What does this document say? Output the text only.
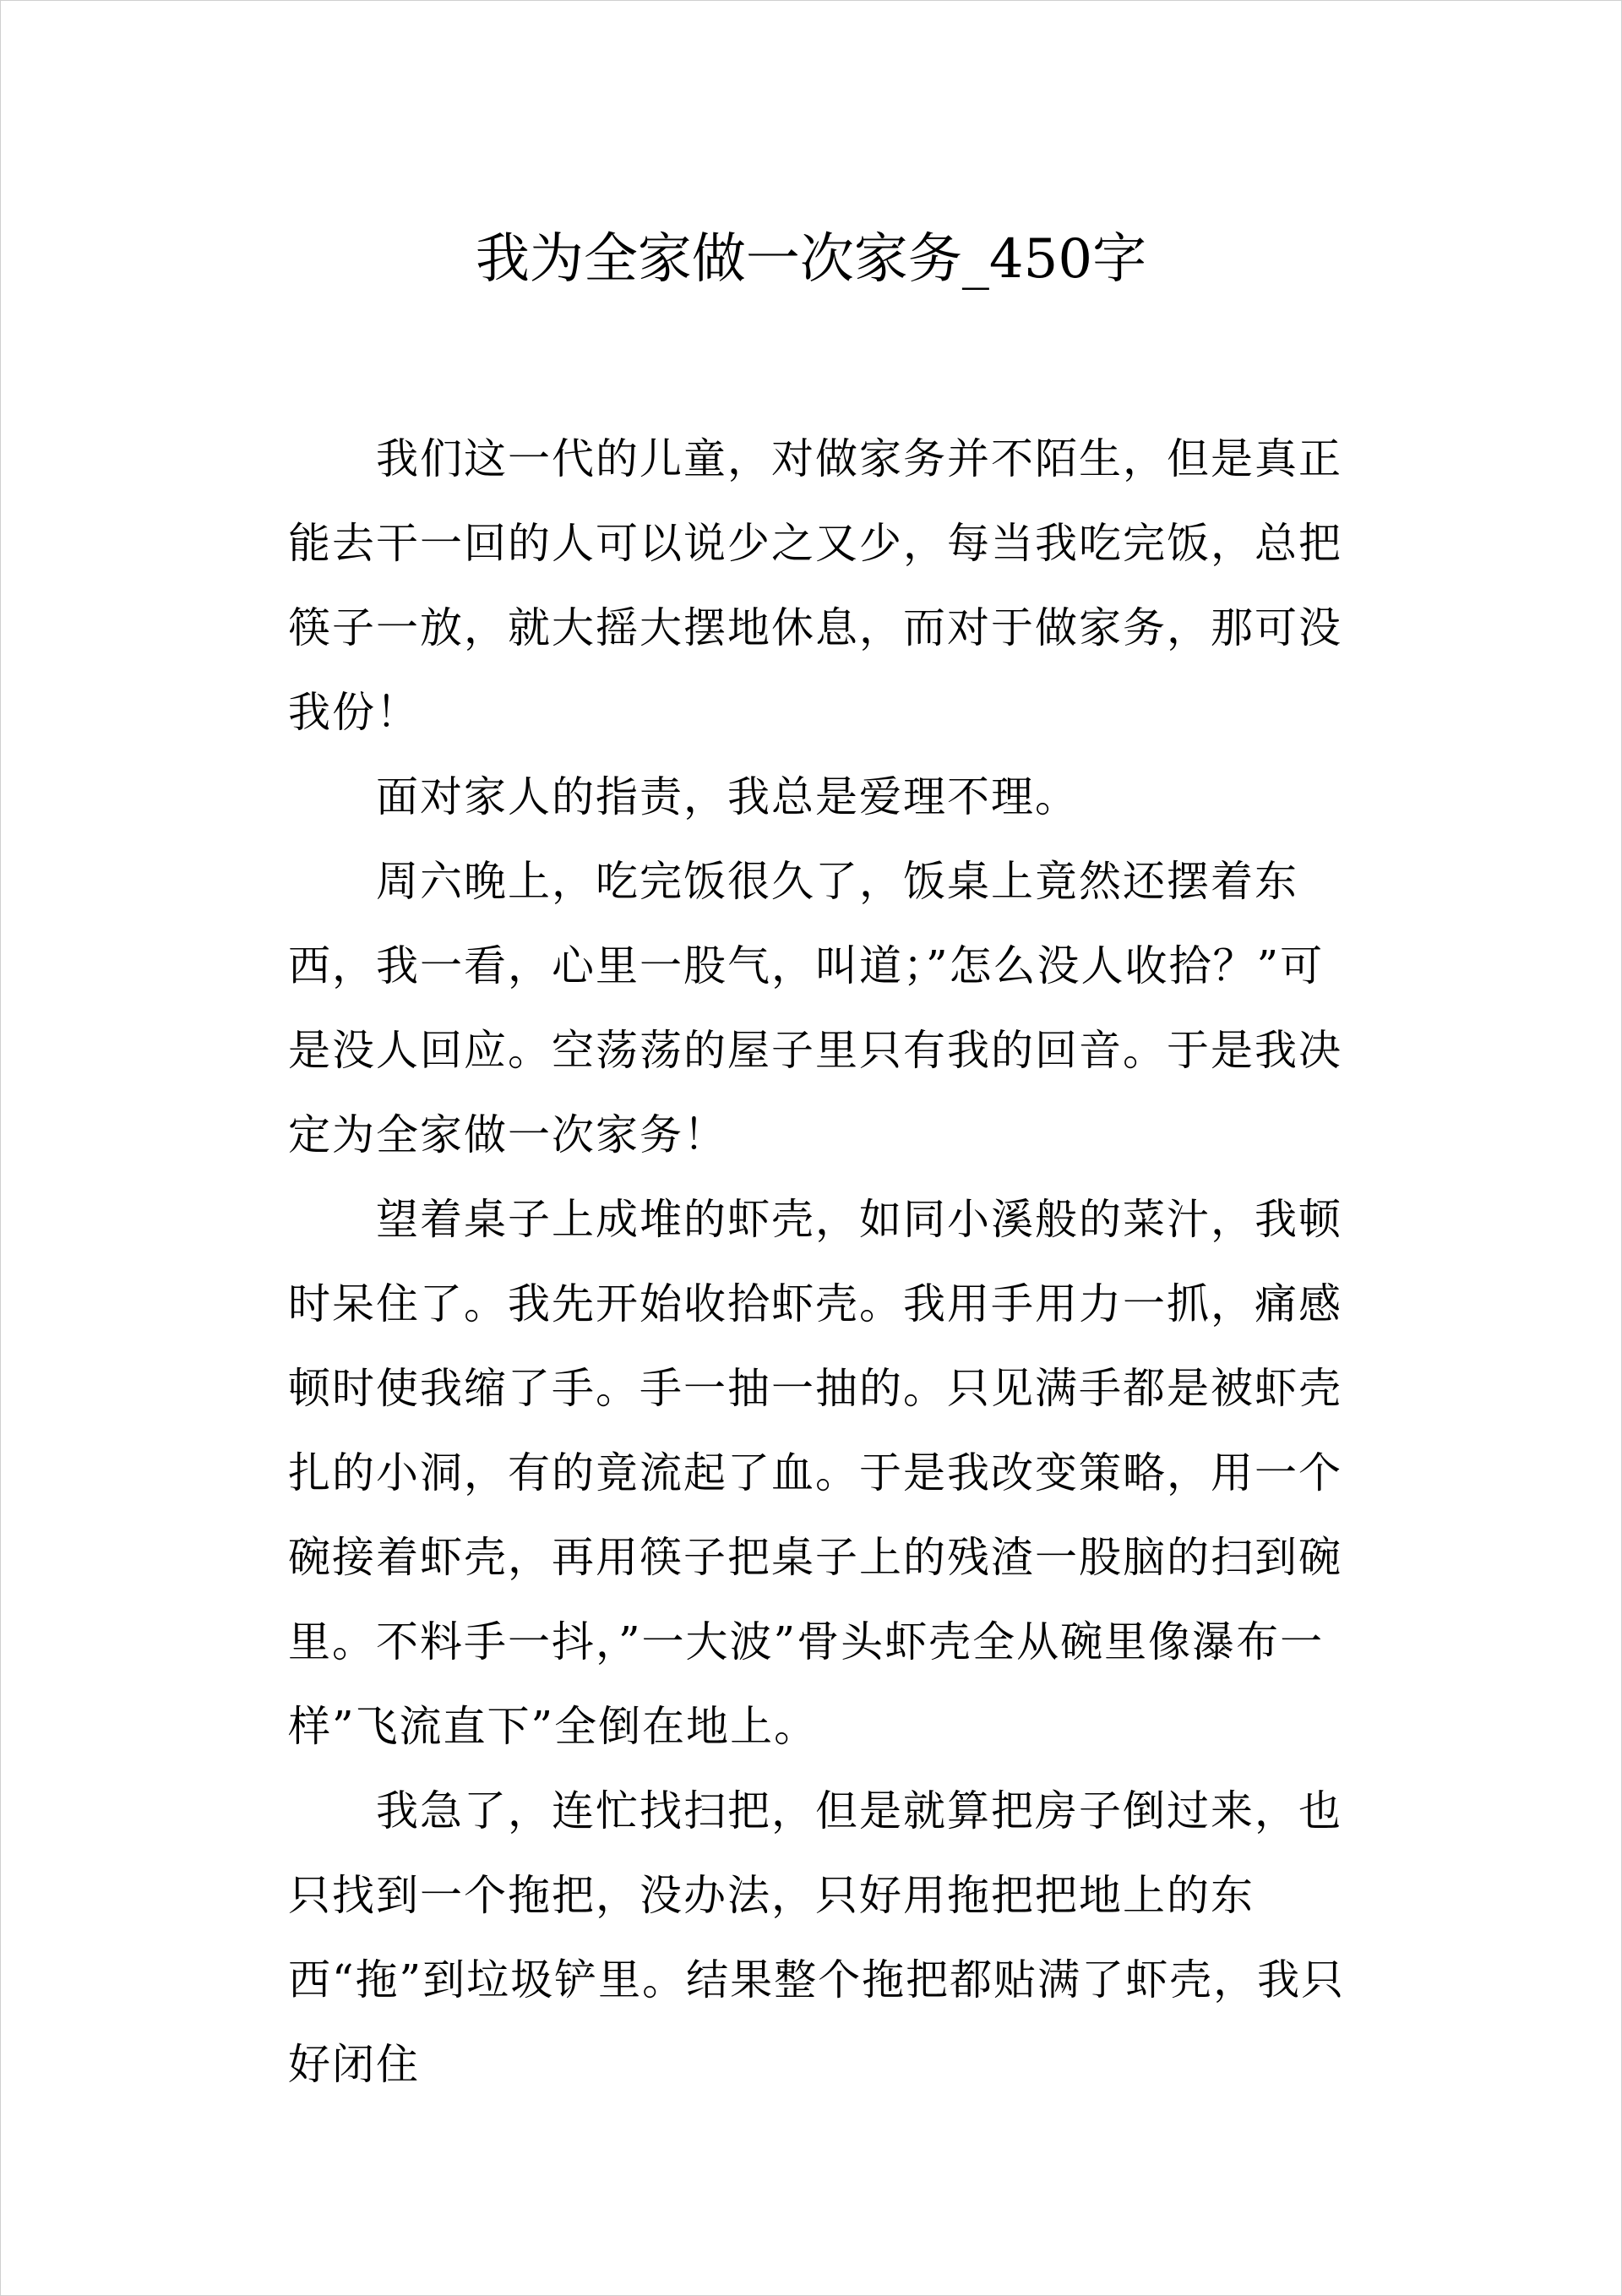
我为全家做一次家务_450字

我们这一代的儿童，对做家务并不陌生，但是真正能去干一回的人可以说少之又少，每当我吃完饭，总把筷子一放，就大摇大摆地休息，而对于做家务，那可没我份！

面对家人的指责，我总是爱理不理。

周六晚上，吃完饭很久了，饭桌上竟然还摆着东西，我一看，心里一股气，叫道；”怎么没人收拾？”可是没人回应。空荡荡的屋子里只有我的回音。于是我决定为全家做一次家务！

望着桌子上成堆的虾壳，如同小溪般的菜汁，我顿时呆住了。我先开始收拾虾壳。我用手用力一抓，痛感顿时使我缩了手。手一抽一抽的。只见满手都是被虾壳扎的小洞，有的竟流起了血。于是我改变策略，用一个碗接着虾壳，再用筷子把桌子上的残渣一股脑的扫到碗里。不料手一抖，”一大波”骨头虾壳全从碗里像瀑布一样”飞流直下”全倒在地上。

我急了，连忙找扫把，但是就算把房子倒过来，也只找到一个拖把，没办法，只好用拖把把地上的东西“拖”到垃圾铲里。结果整个拖把都贴满了虾壳，我只好闭住
